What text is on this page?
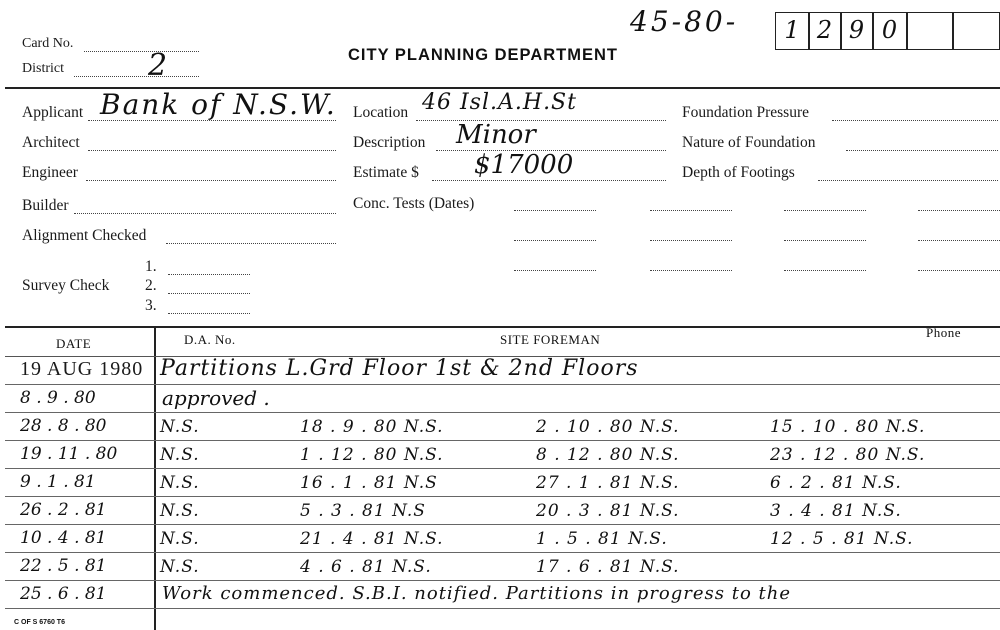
45-80-	1 2 9 0
Card No.
District	2	CITY PLANNING DEPARTMENT
Applicant Bank of N.S.W.
Architect
Engineer
Builder
Alignment Checked
Survey Check
1.
2.
3.
Location 46 Isl.A.H.St
Description Minor
Estimate $ $17000
Conc. Tests (Dates)
Foundation Pressure
Nature of Foundation
Depth of Footings
DATE	D.A. No.	SITE FOREMAN	Phone
19 AUG 1980 Partitions L.Grd Floor 1st & 2nd Floors
8 . 9 . 80	approved .
28 . 8 . 80	N.S.	18 . 9 . 80 N.S.	2 . 10 . 80 N.S.	15 . 10 . 80 N.S.
19 . 11 . 80	N.S.	1 . 12 . 80 N.S.	8 . 12 . 80 N.S.	23 . 12 . 80 N.S.
9 . 1 . 81	N.S.	16 . 1 . 81 N.S	27 . 1 . 81 N.S.	6 . 2 . 81 N.S.
26 . 2 . 81	N.S.	5 . 3 . 81 N.S	20 . 3 . 81 N.S.	3 . 4 . 81 N.S.
10 . 4 . 81	N.S.	21 . 4 . 81 N.S.	1 . 5 . 81 N.S.	12 . 5 . 81 N.S.
22 . 5 . 81	N.S.	4 . 6 . 81 N.S.	17 . 6 . 81 N.S.
25 . 6 . 81	Work commenced. S.B.I. notified. Partitions in progress to the
C OF S 6760 T6
